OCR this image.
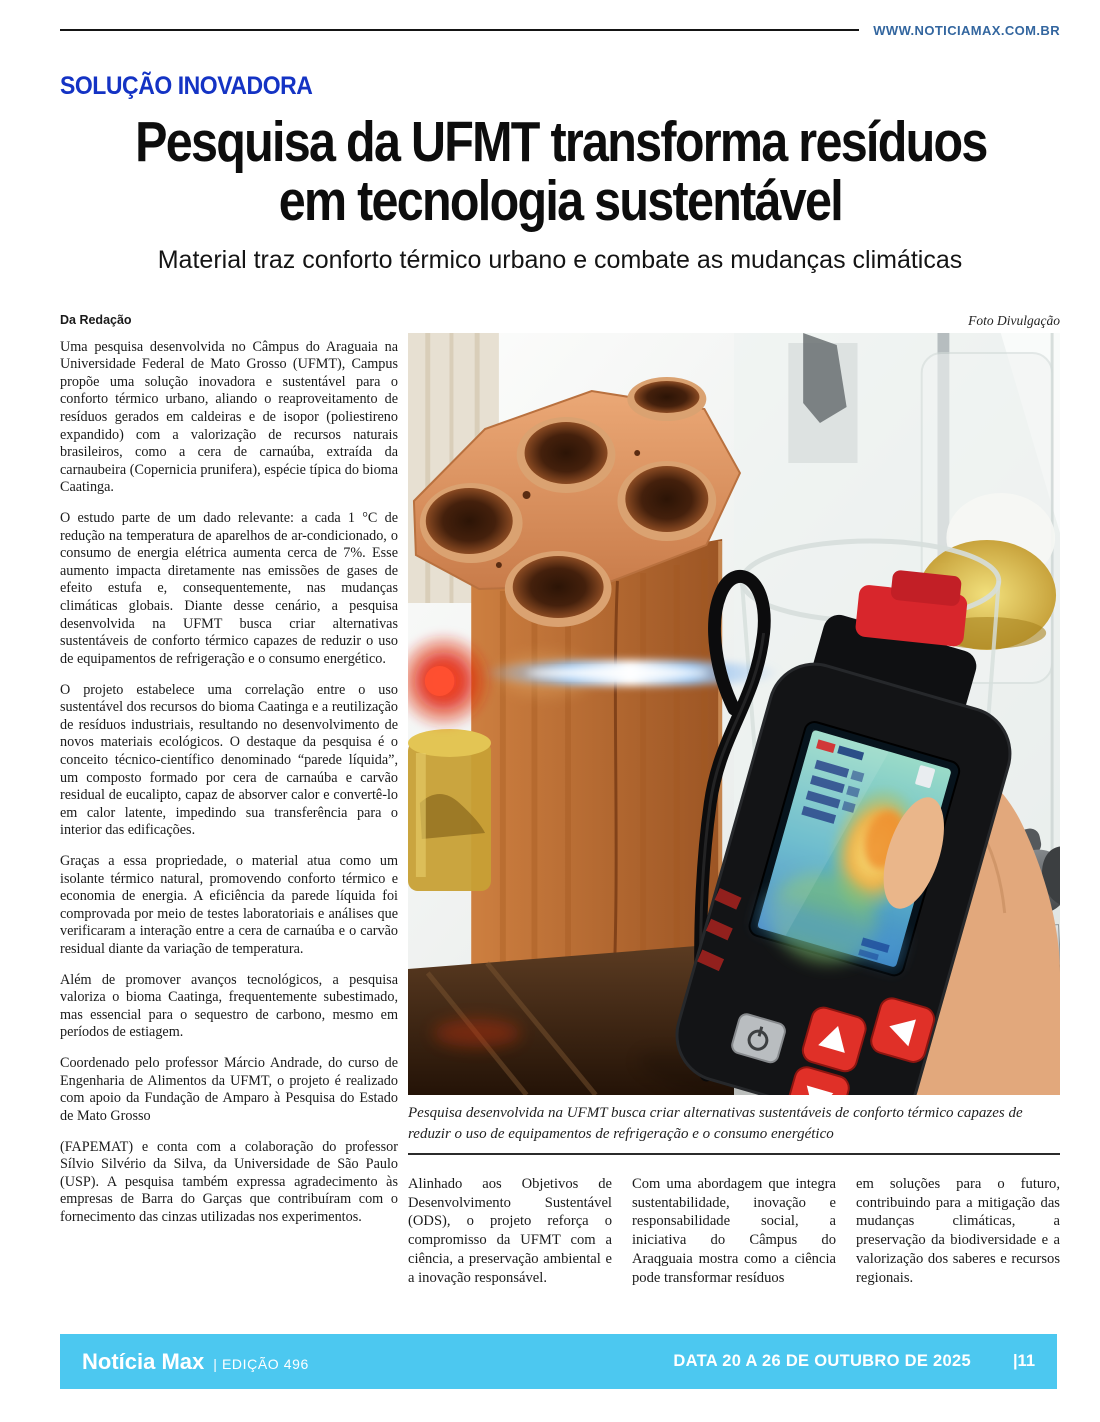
WWW.NOTICIAMAX.COM.BR
SOLUÇÃO INOVADORA
Pesquisa da UFMT transforma resíduos
em tecnologia sustentável
Material traz conforto térmico urbano e combate as mudanças climáticas
Da Redação

Uma pesquisa desenvolvida no Câmpus do Araguaia na Universidade Federal de Mato Grosso (UFMT), Campus propõe uma solução inovadora e sustentável para o conforto térmico urbano, aliando o reaproveitamento de resíduos gerados em caldeiras e de isopor (poliestireno expandido) com a valorização de recursos naturais brasileiros, como a cera de carnaúba, extraída da carnaubeira (Copernicia prunifera), espécie típica do bioma Caatinga.

O estudo parte de um dado relevante: a cada 1 °C de redução na temperatura de aparelhos de ar-condicionado, o consumo de energia elétrica aumenta cerca de 7%. Esse aumento impacta diretamente nas emissões de gases de efeito estufa e, consequentemente, nas mudanças climáticas globais. Diante desse cenário, a pesquisa desenvolvida na UFMT busca criar alternativas sustentáveis de conforto térmico capazes de reduzir o uso de equipamentos de refrigeração e o consumo energético.

O projeto estabelece uma correlação entre o uso sustentável dos recursos do bioma Caatinga e a reutilização de resíduos industriais, resultando no desenvolvimento de novos materiais ecológicos. O destaque da pesquisa é o conceito técnico-científico denominado “parede líquida”, um composto formado por cera de carnaúba e carvão residual de eucalipto, capaz de absorver calor e convertê-lo em calor latente, impedindo sua transferência para o interior das edificações.

Graças a essa propriedade, o material atua como um isolante térmico natural, promovendo conforto térmico e economia de energia. A eficiência da parede líquida foi comprovada por meio de testes laboratoriais e análises que verificaram a interação entre a cera de carnaúba e o carvão residual diante da variação de temperatura.

Além de promover avanços tecnológicos, a pesquisa valoriza o bioma Caatinga, frequentemente subestimado, mas essencial para o sequestro de carbono, mesmo em períodos de estiagem.

Coordenado pelo professor Márcio Andrade, do curso de Engenharia de Alimentos da UFMT, o projeto é realizado com apoio da Fundação de Amparo à Pesquisa do Estado de Mato Grosso

(FAPEMAT) e conta com a colaboração do professor Sílvio Silvério da Silva, da Universidade de São Paulo (USP). A pesquisa também expressa agradecimento às empresas de Barra do Garças que contribuíram com o fornecimento das cinzas utilizadas nos experimentos.

Foto Divulgação
Pesquisa desenvolvida na UFMT busca criar alternativas sustentáveis de conforto térmico capazes de reduzir o uso de equipamentos de refrigeração e o consumo energético

Alinhado aos Objetivos de Desenvolvimento Sustentável (ODS), o projeto reforça o compromisso da UFMT com a ciência, a preservação ambiental e a inovação responsável.

Com uma abordagem que integra sustentabilidade, inovação e responsabilidade social, a iniciativa do Câmpus do Araqguaia mostra como a ciência pode transformar resíduos

em soluções para o futuro, contribuindo para a mitigação das mudanças climáticas, a preservação da biodiversidade e a valorização dos saberes e recursos regionais.

Notícia Max | EDIÇÃO 496	DATA 20 A 26 DE OUTUBRO DE 2025	|11
